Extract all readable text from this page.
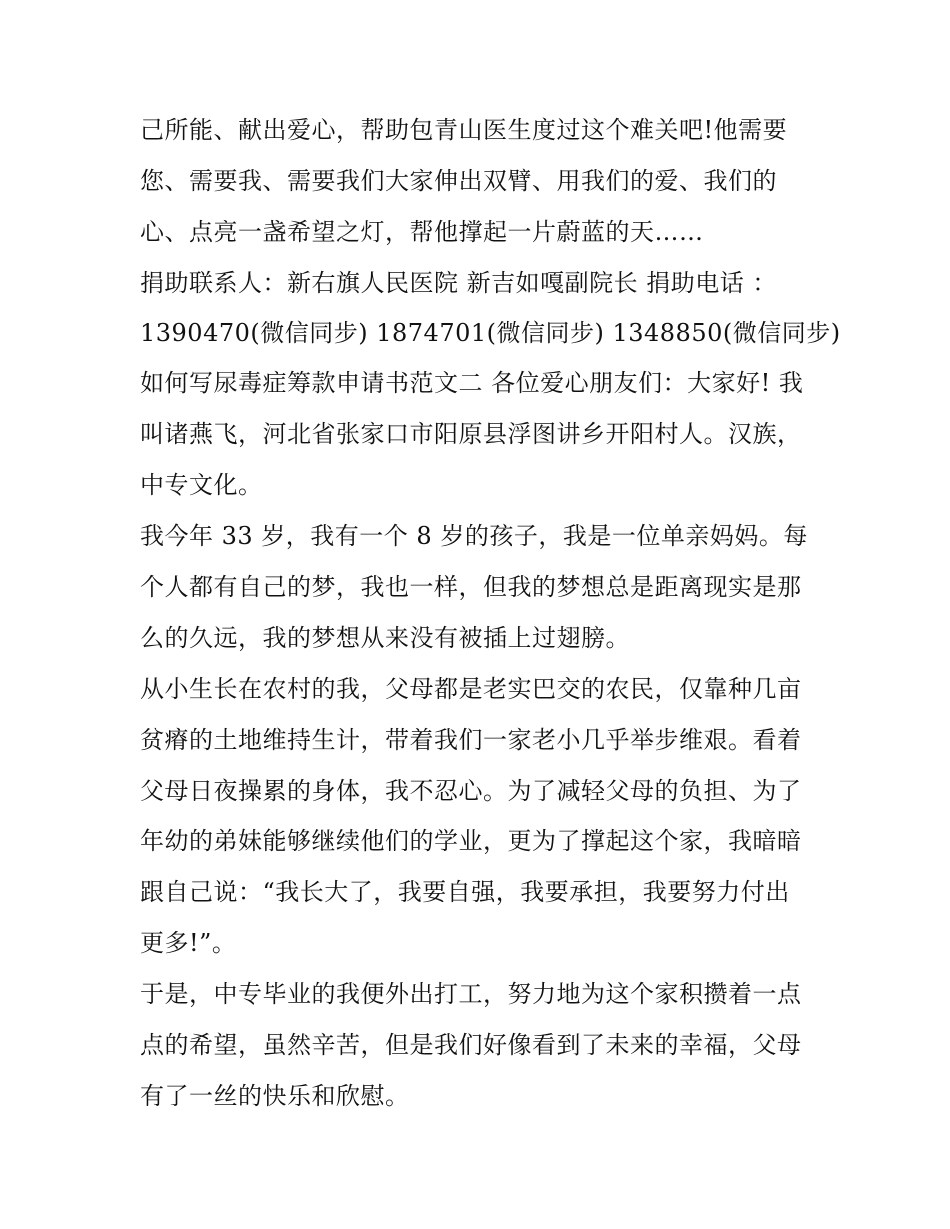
己所能、献出爱心，帮助包青山医生度过这个难关吧!他需要
您、需要我、需要我们大家伸出双臂、用我们的爱、我们的
心、点亮一盏希望之灯，帮他撑起一片蔚蓝的天……
捐助联系人：新右旗人民医院 新吉如嘎副院长 捐助电话 ：
1390470(微信同步) 1874701(微信同步) 1348850(微信同步)
如何写尿毒症筹款申请书范文二 各位爱心朋友们：大家好! 我
叫诸燕飞，河北省张家口市阳原县浮图讲乡开阳村人。汉族，
中专文化。
我今年 33 岁，我有一个 8 岁的孩子，我是一位单亲妈妈。每
个人都有自己的梦，我也一样，但我的梦想总是距离现实是那
么的久远，我的梦想从来没有被插上过翅膀。
从小生长在农村的我，父母都是老实巴交的农民，仅靠种几亩
贫瘠的土地维持生计，带着我们一家老小几乎举步维艰。看着
父母日夜操累的身体，我不忍心。为了减轻父母的负担、为了
年幼的弟妹能够继续他们的学业，更为了撑起这个家，我暗暗
跟自己说：“我长大了，我要自强，我要承担，我要努力付出
更多!”。
于是，中专毕业的我便外出打工，努力地为这个家积攒着一点
点的希望，虽然辛苦，但是我们好像看到了未来的幸福，父母
有了一丝的快乐和欣慰。
